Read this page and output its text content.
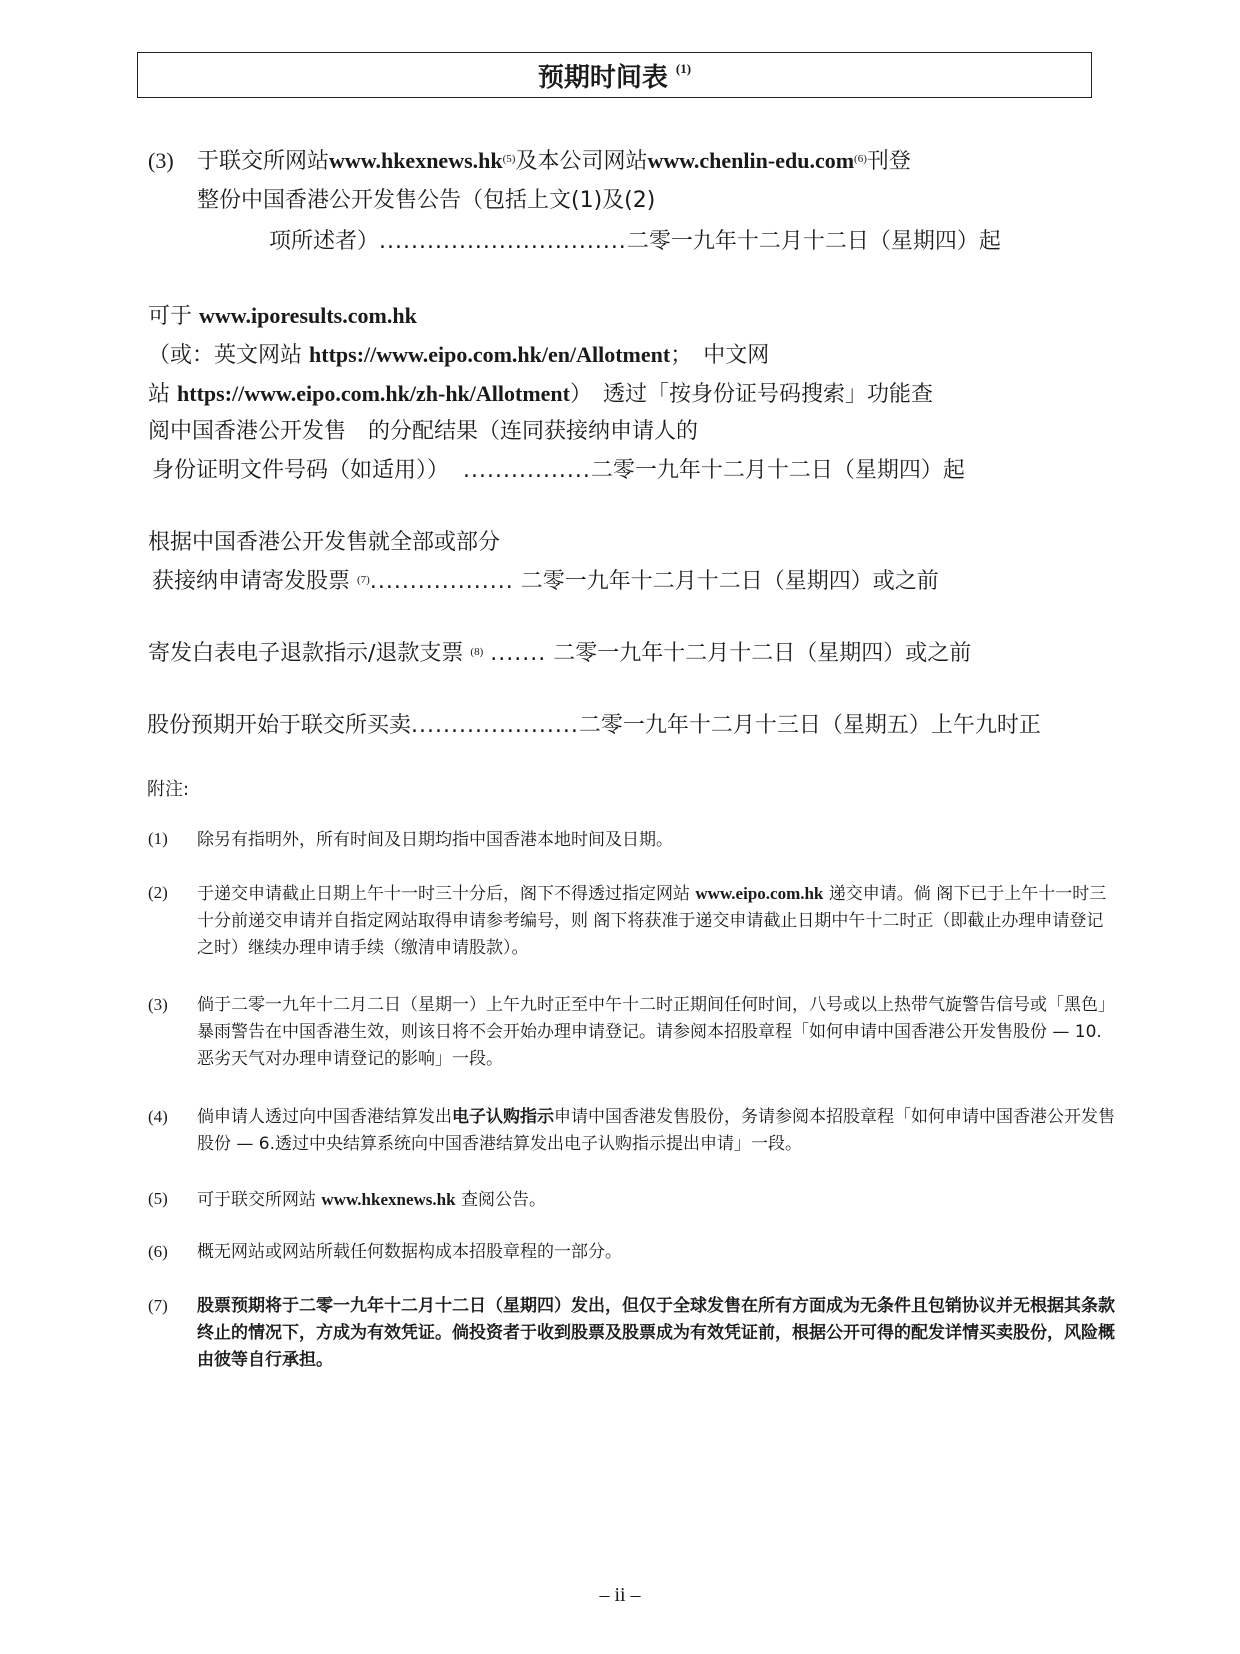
预期时间表 $^{(1)}$
(3) 于联交所网站$www.hkexnews.hk^{(5)}$及本公司网站www.chenlin-edu.com$^{(6)}$刊登
整份中国香港公开发售公告（包括上文(1)及(2)
项所述者）...............................二零一九年十二月十二日（星期四）起
可于 www.iporesults.com.hk
（或：英文网站 https://www.eipo.com.hk/en/Allotment；　中文网
站 https://www.eipo.com.hk/zh-hk/Allotment）　透过「按身份证号码搜索」功能查
阅中国香港公开发售　的分配结果（连同获接纳申请人的
身份证明文件号码（如适用）） ................二零一九年十二月十二日（星期四）起
根据中国香港公开发售就全部或部分
获接纳申请寄发股票 $^{(7)}$.................. 二零一九年十二月十二日（星期四）或之前
寄发白表电子退款指示∕退款支票 $^{(8)}$ ....... 二零一九年十二月十二日（星期四）或之前
股份预期开始于联交所买卖.....................二零一九年十二月十三日（星期五）上午九时正
附注:
(1) 除另有指明外，所有时间及日期均指中国香港本地时间及日期。
(2) 于递交申请截止日期上午十一时三十分后，阁下不得透过指定网站 www.eipo.com.hk 递交申请。倘 阁下已于上午十一时三十分前递交申请并自指定网站取得申请参考编号，则 阁下将获准于递交申请截止日期中午十二时正（即截止办理申请登记之时）继续办理申请手续（缴清申请股款）。
(3) 倘于二零一九年十二月二日（星期一）上午九时正至中午十二时正期间任何时间，八号或以上热带气旋警告信号或「黑色」暴雨警告在中国香港生效，则该日将不会开始办理申请登记。请参阅本招股章程「如何申请中国香港公开发售股份 — 10.恶劣天气对办理申请登记的影响」一段。
(4) 倘申请人透过向中国香港结算发出电子认购指示申请中国香港发售股份，务请参阅本招股章程「如何申请中国香港公开发售股份 — 6.透过中央结算系统向中国香港结算发出电子认购指示提出申请」一段。
(5) 可于联交所网站 www.hkexnews.hk 查阅公告。
(6) 概无网站或网站所载任何数据构成本招股章程的一部分。
(7) 股票预期将于二零一九年十二月十二日（星期四）发出，但仅于全球发售在所有方面成为无条件且包销协议并无根据其条款终止的情况下，方成为有效凭证。倘投资者于收到股票及股票成为有效凭证前，根据公开可得的配发详情买卖股份，风险概由彼等自行承担。
– ii –
